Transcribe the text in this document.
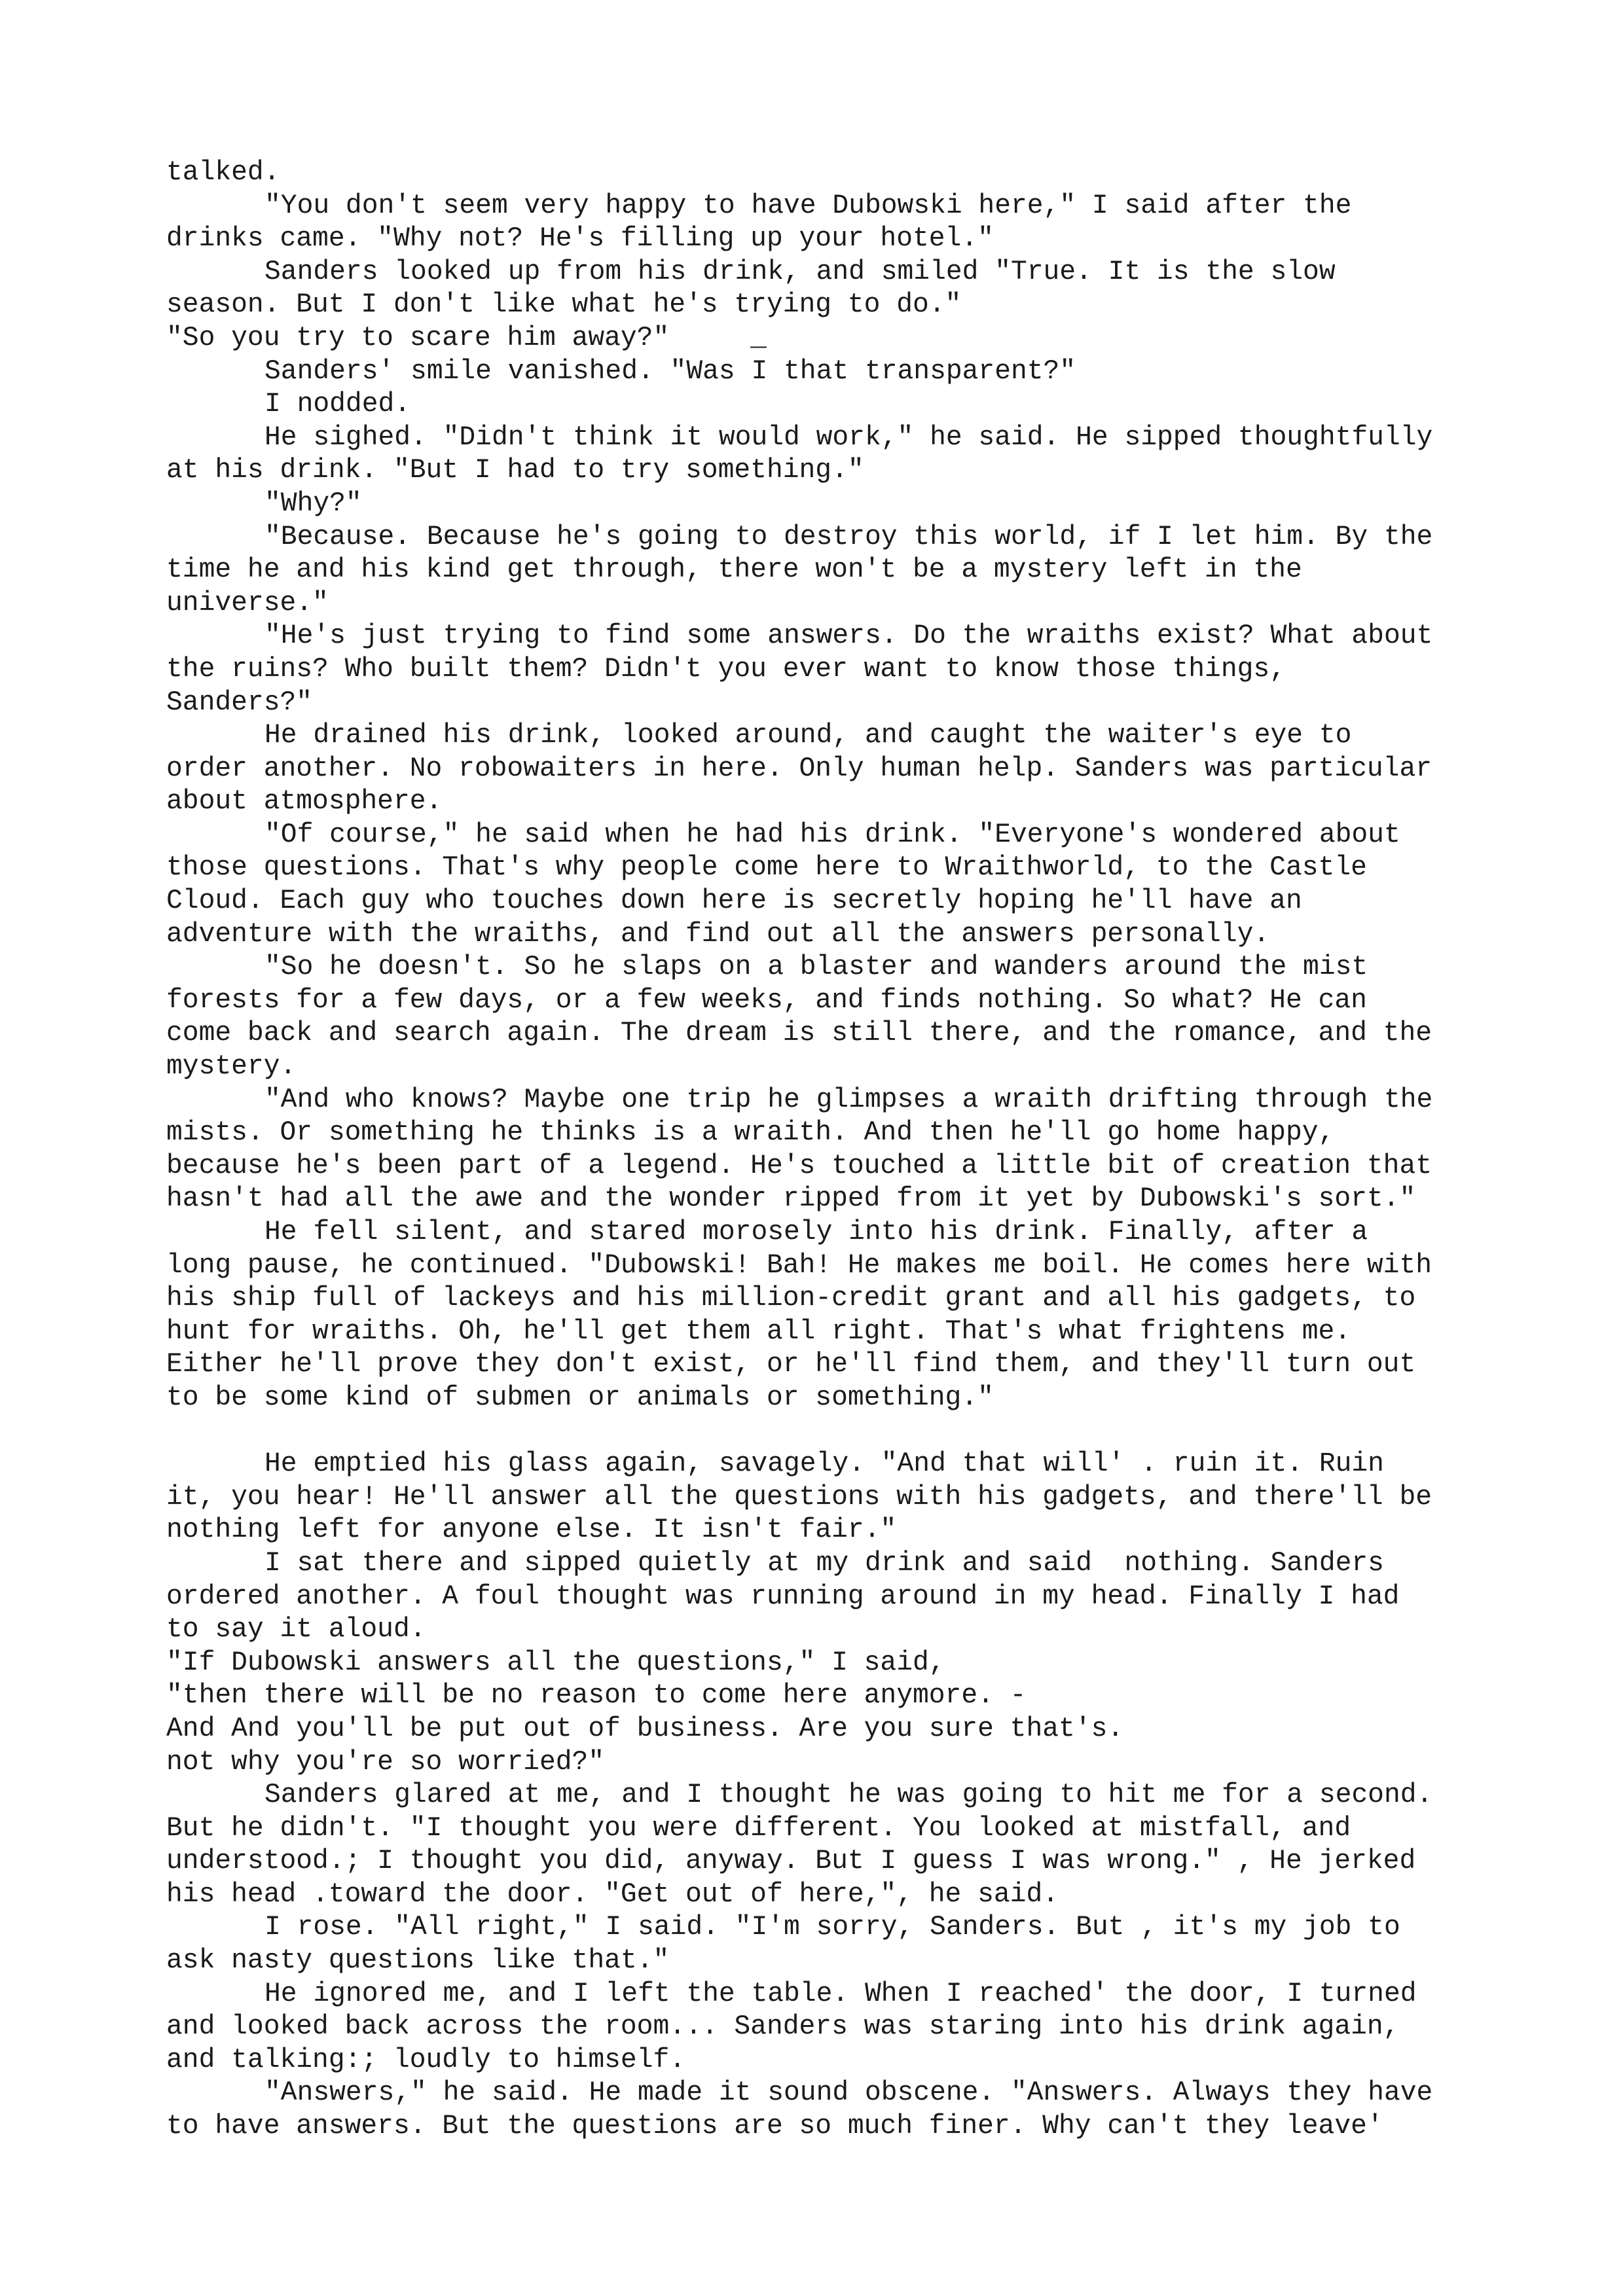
talked.
"You don't seem very happy to have Dubowski here," I said after the
drinks came. "Why not? He's filling up your hotel."
Sanders looked up from his drink, and smiled "True. It is the slow
season. But I don't like what he's trying to do."
"So you try to scare him away?"     _
Sanders' smile vanished. "Was I that transparent?"
I nodded.
He sighed. "Didn't think it would work," he said. He sipped thoughtfully
at his drink. "But I had to try something."
"Why?"
"Because. Because he's going to destroy this world, if I let him. By the
time he and his kind get through, there won't be a mystery left in the
universe."
"He's just trying to find some answers. Do the wraiths exist? What about
the ruins? Who built them? Didn't you ever want to know those things,
Sanders?"
He drained his drink, looked around, and caught the waiter's eye to
order another. No robowaiters in here. Only human help. Sanders was particular
about atmosphere.
"Of course," he said when he had his drink. "Everyone's wondered about
those questions. That's why people come here to Wraithworld, to the Castle
Cloud. Each guy who touches down here is secretly hoping he'll have an
adventure with the wraiths, and find out all the answers personally.
"So he doesn't. So he slaps on a blaster and wanders around the mist
forests for a few days, or a few weeks, and finds nothing. So what? He can
come back and search again. The dream is still there, and the romance, and the
mystery.
"And who knows? Maybe one trip he glimpses a wraith drifting through the
mists. Or something he thinks is a wraith. And then he'll go home happy,
because he's been part of a legend. He's touched a little bit of creation that
hasn't had all the awe and the wonder ripped from it yet by Dubowski's sort."
He fell silent, and stared morosely into his drink. Finally, after a
long pause, he continued. "Dubowski! Bah! He makes me boil. He comes here with
his ship full of lackeys and his million-credit grant and all his gadgets, to
hunt for wraiths. Oh, he'll get them all right. That's what frightens me.
Either he'll prove they don't exist, or he'll find them, and they'll turn out
to be some kind of submen or animals or something."
He emptied his glass again, savagely. "And that will' . ruin it. Ruin
it, you hear! He'll answer all the questions with his gadgets, and there'll be
nothing left for anyone else. It isn't fair."
I sat there and sipped quietly at my drink and said  nothing. Sanders
ordered another. A foul thought was running around in my head. Finally I had
to say it aloud.
"If Dubowski answers all the questions," I said,
"then there will be no reason to come here anymore. -
And And you'll be put out of business. Are you sure that's.
not why you're so worried?"
Sanders glared at me, and I thought he was going to hit me for a second.
But he didn't. "I thought you were different. You looked at mistfall, and
understood.; I thought you did, anyway. But I guess I was wrong." , He jerked
his head .toward the door. "Get out of here,", he said.
I rose. "All right," I said. "I'm sorry, Sanders. But , it's my job to
ask nasty questions like that."
He ignored me, and I left the table. When I reached' the door, I turned
and looked back across the room... Sanders was staring into his drink again,
and talking:; loudly to himself.
"Answers," he said. He made it sound obscene. "Answers. Always they have
to have answers. But the questions are so much finer. Why can't they leave'
